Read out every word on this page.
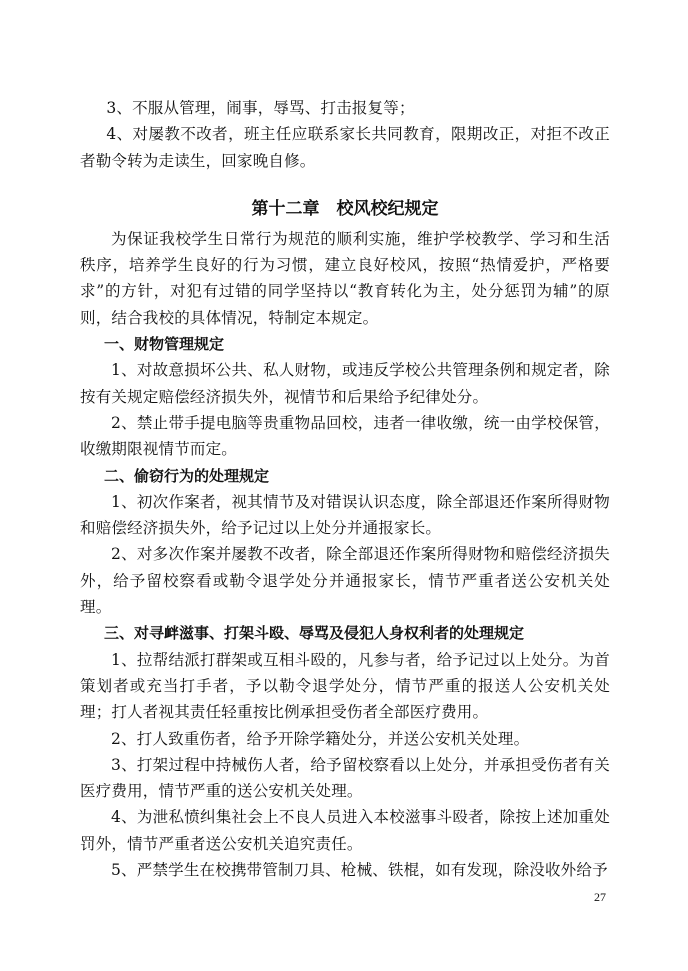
3、不服从管理，闹事，辱骂、打击报复等；

4、对屡教不改者，班主任应联系家长共同教育，限期改正，对拒不改正者勒令转为走读生，回家晚自修。

第十二章　校风校纪规定

为保证我校学生日常行为规范的顺利实施，维护学校教学、学习和生活秩序，培养学生良好的行为习惯，建立良好校风，按照“热情爱护，严格要求”的方针，对犯有过错的同学坚持以“教育转化为主，处分惩罚为辅”的原则，结合我校的具体情况，特制定本规定。

一、财物管理规定

1、对故意损坏公共、私人财物，或违反学校公共管理条例和规定者，除按有关规定赔偿经济损失外，视情节和后果给予纪律处分。

2、禁止带手提电脑等贵重物品回校，违者一律收缴，统一由学校保管，收缴期限视情节而定。

二、偷窃行为的处理规定

1、初次作案者，视其情节及对错误认识态度，除全部退还作案所得财物和赔偿经济损失外，给予记过以上处分并通报家长。

2、对多次作案并屡教不改者，除全部退还作案所得财物和赔偿经济损失外，给予留校察看或勒令退学处分并通报家长，情节严重者送公安机关处理。

三、对寻衅滋事、打架斗殴、辱骂及侵犯人身权利者的处理规定

1、拉帮结派打群架或互相斗殴的，凡参与者，给予记过以上处分。为首策划者或充当打手者，予以勒令退学处分，情节严重的报送人公安机关处理；打人者视其责任轻重按比例承担受伤者全部医疗费用。

2、打人致重伤者，给予开除学籍处分，并送公安机关处理。

3、打架过程中持械伤人者，给予留校察看以上处分，并承担受伤者有关医疗费用，情节严重的送公安机关处理。

4、为泄私愤纠集社会上不良人员进入本校滋事斗殴者，除按上述加重处罚外，情节严重者送公安机关追究责任。

5、严禁学生在校携带管制刀具、枪械、铁棍，如有发现，除没收外给予

27
